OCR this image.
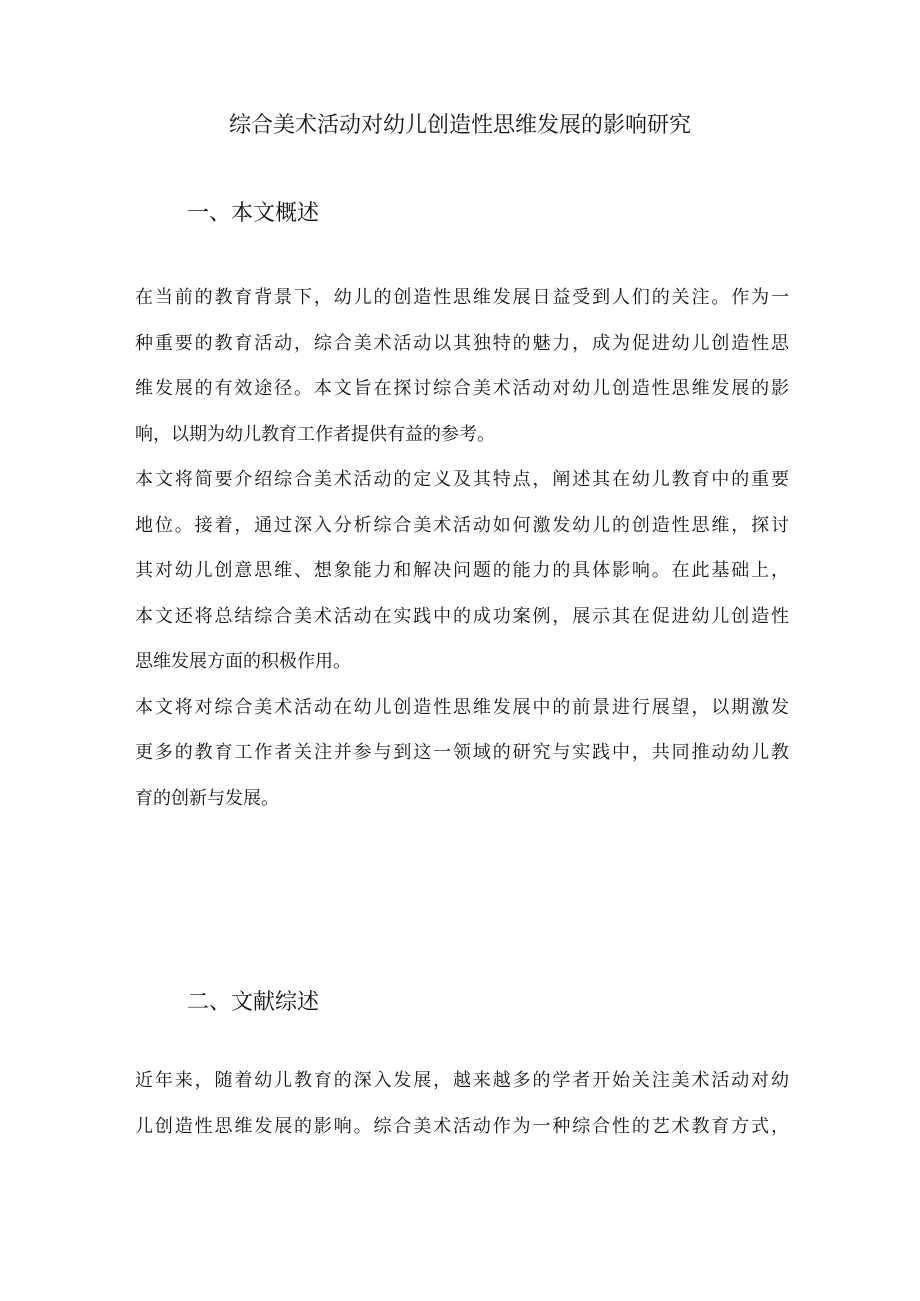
综合美术活动对幼儿创造性思维发展的影响研究
一、本文概述

在当前的教育背景下，幼儿的创造性思维发展日益受到人们的关注。作为一
种重要的教育活动，综合美术活动以其独特的魅力，成为促进幼儿创造性思
维发展的有效途径。本文旨在探讨综合美术活动对幼儿创造性思维发展的影
响，以期为幼儿教育工作者提供有益的参考。

本文将简要介绍综合美术活动的定义及其特点，阐述其在幼儿教育中的重要
地位。接着，通过深入分析综合美术活动如何激发幼儿的创造性思维，探讨
其对幼儿创意思维、想象能力和解决问题的能力的具体影响。在此基础上，
本文还将总结综合美术活动在实践中的成功案例，展示其在促进幼儿创造性
思维发展方面的积极作用。

本文将对综合美术活动在幼儿创造性思维发展中的前景进行展望，以期激发
更多的教育工作者关注并参与到这一领域的研究与实践中，共同推动幼儿教
育的创新与发展。

二、文献综述

近年来，随着幼儿教育的深入发展，越来越多的学者开始关注美术活动对幼
儿创造性思维发展的影响。综合美术活动作为一种综合性的艺术教育方式，
